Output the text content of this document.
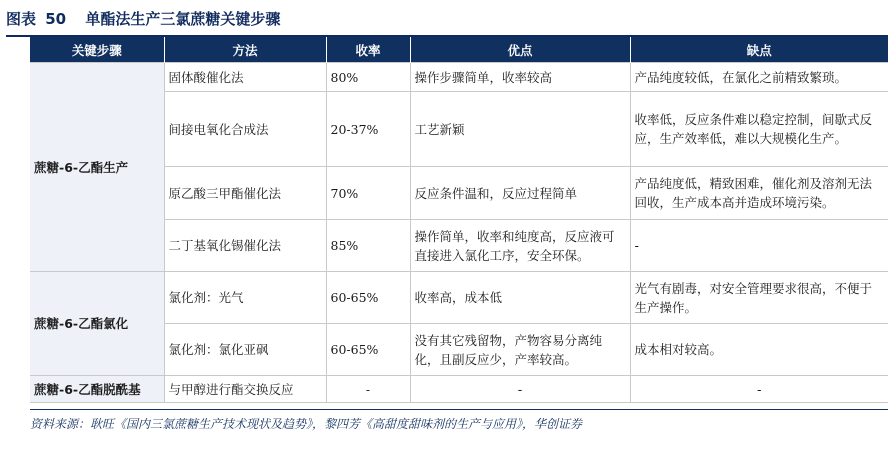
图表 50 单酯法生产三氯蔗糖关键步骤
关键步骤	方法	收率	优点	缺点
蔗糖-6-乙酯生产	固体酸催化法	80%	操作步骤简单，收率较高	产品纯度较低，在氯化之前精致繁琐。
	间接电氧化合成法	20-37%	工艺新颖	收率低，反应条件难以稳定控制，间歇式反应，生产效率低，难以大规模化生产。
	原乙酸三甲酯催化法	70%	反应条件温和，反应过程简单	产品纯度低，精致困难，催化剂及溶剂无法回收，生产成本高并造成环境污染。
	二丁基氧化锡催化法	85%	操作简单，收率和纯度高，反应液可直接进入氯化工序，安全环保。	-
蔗糖-6-乙酯氯化	氯化剂：光气	60-65%	收率高，成本低	光气有剧毒，对安全管理要求很高，不便于生产操作。
	氯化剂：氯化亚砜	60-65%	没有其它残留物，产物容易分离纯化，且副反应少，产率较高。	成本相对较高。
蔗糖-6-乙酯脱酰基	与甲醇进行酯交换反应	-	-	-
资料来源：耿旺《国内三氯蔗糖生产技术现状及趋势》，黎四芳《高甜度甜味剂的生产与应用》，华创证券
